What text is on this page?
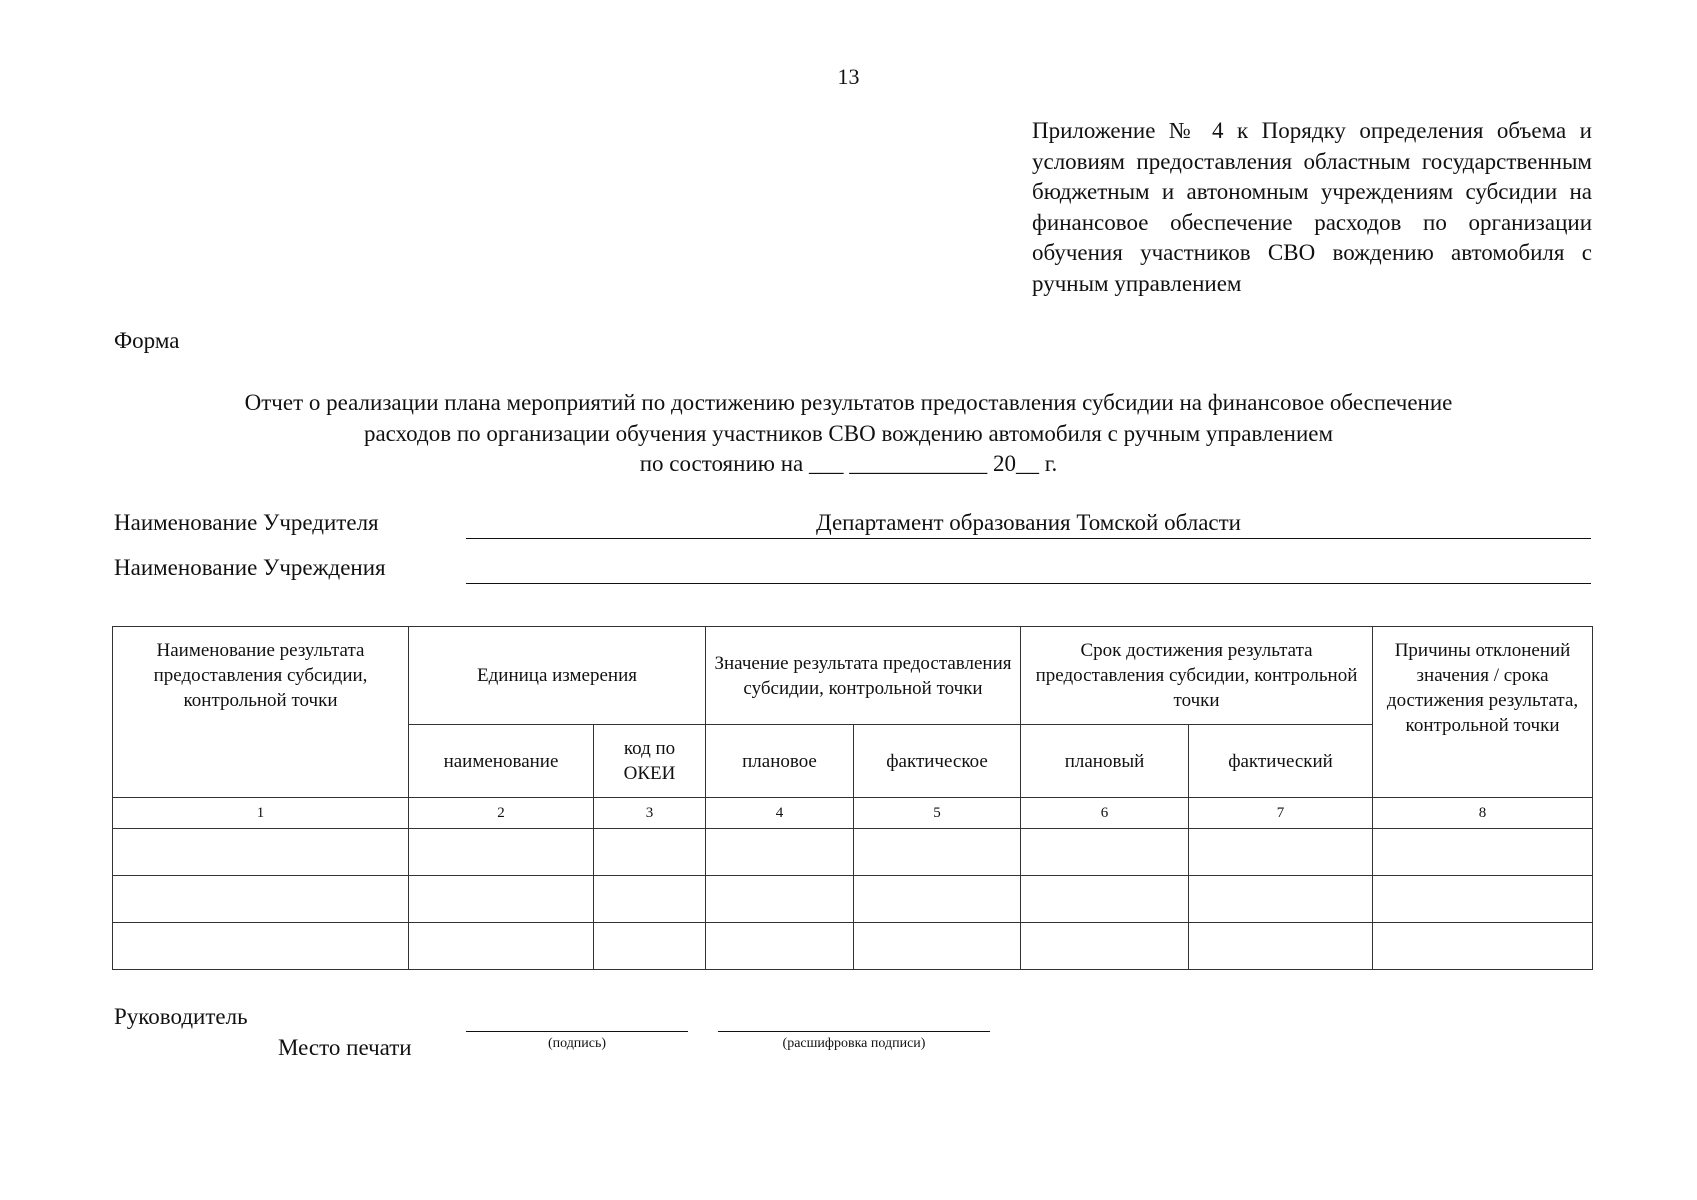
13
Приложение № 4 к Порядку определения объема и условиям предоставления областным государственным бюджетным и автономным учреждениям субсидии на финансовое обеспечение расходов по организации обучения участников СВО вождению автомобиля с ручным управлением
Форма
Отчет о реализации плана мероприятий по достижению результатов предоставления субсидии на финансовое обеспечение
расходов по организации обучения участников СВО вождению автомобиля с ручным управлением
по состоянию на ___ ____________ 20__ г.
Наименование Учредителя	Департамент образования Томской области
Наименование Учреждения
Наименование результата предоставления субсидии, контрольной точки	Единица измерения		Значение результата предоставления субсидии, контрольной точки		Срок достижения результата предоставления субсидии, контрольной точки		Причины отклонений значения / срока достижения результата, контрольной точки
	наименование	код по ОКЕИ	плановое	фактическое	плановый	фактический	
1	2	3	4	5	6	7	8

Руководитель
Место печати	(подпись)	(расшифровка подписи)
